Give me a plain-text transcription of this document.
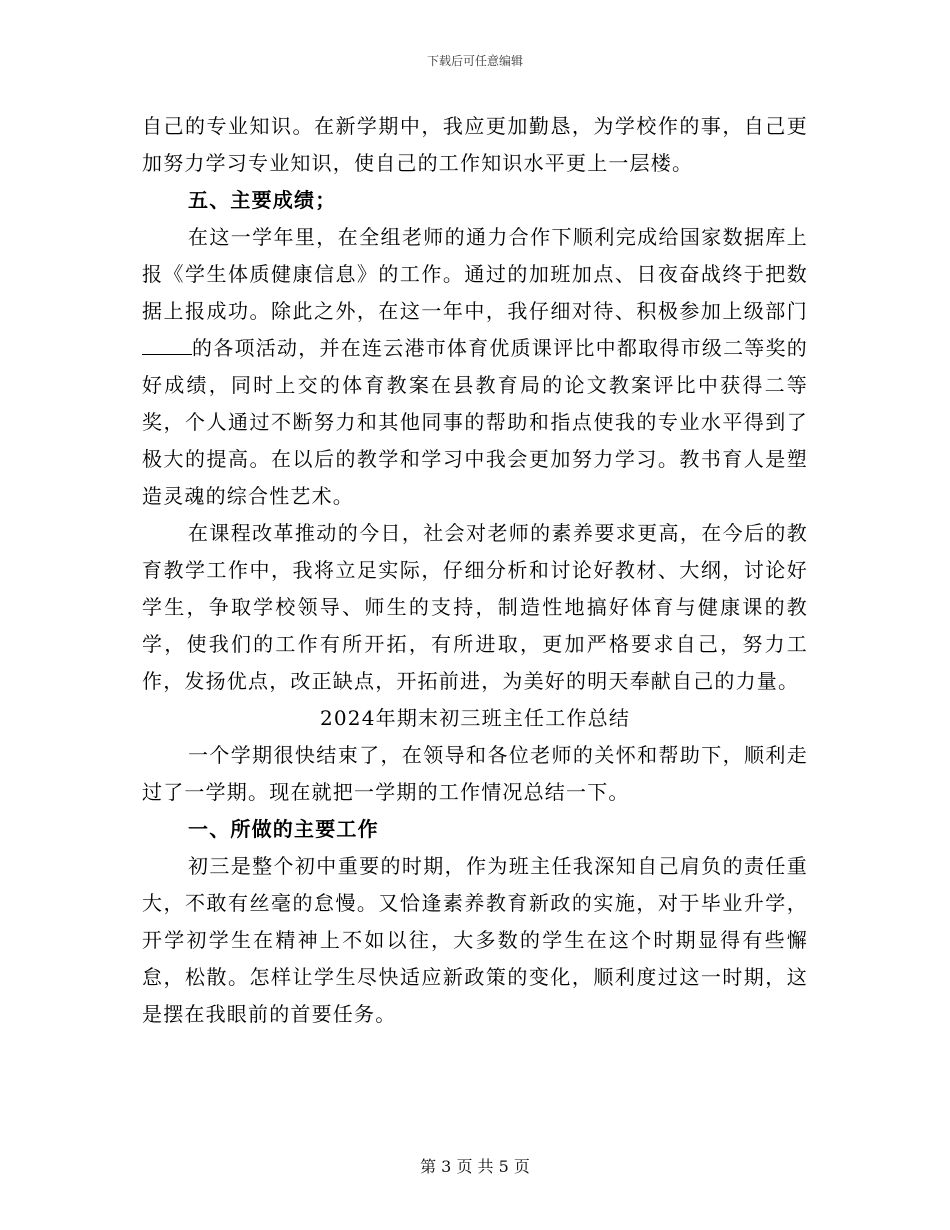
下载后可任意编辑

自己的专业知识。在新学期中，我应更加勤恳，为学校作的事，自己更加努力学习专业知识，使自己的工作知识水平更上一层楼。

五、主要成绩；

在这一学年里，在全组老师的通力合作下顺利完成给国家数据库上报《学生体质健康信息》的工作。通过的加班加点、日夜奋战终于把数据上报成功。除此之外，在这一年中，我仔细对待、积极参加上级部门的各项活动，并在连云港市体育优质课评比中都取得市级二等奖的好成绩，同时上交的体育教案在县教育局的论文教案评比中获得二等奖，个人通过不断努力和其他同事的帮助和指点使我的专业水平得到了极大的提高。在以后的教学和学习中我会更加努力学习。教书育人是塑造灵魂的综合性艺术。

在课程改革推动的今日，社会对老师的素养要求更高，在今后的教育教学工作中，我将立足实际，仔细分析和讨论好教材、大纲，讨论好学生，争取学校领导、师生的支持，制造性地搞好体育与健康课的教学，使我们的工作有所开拓，有所进取，更加严格要求自己，努力工作，发扬优点，改正缺点，开拓前进，为美好的明天奉献自己的力量。

2024年期末初三班主任工作总结

一个学期很快结束了，在领导和各位老师的关怀和帮助下，顺利走过了一学期。现在就把一学期的工作情况总结一下。

一、所做的主要工作

初三是整个初中重要的时期，作为班主任我深知自己肩负的责任重大，不敢有丝毫的怠慢。又恰逢素养教育新政的实施，对于毕业升学，开学初学生在精神上不如以往，大多数的学生在这个时期显得有些懈怠，松散。怎样让学生尽快适应新政策的变化，顺利度过这一时期，这是摆在我眼前的首要任务。

第 3 页 共 5 页
